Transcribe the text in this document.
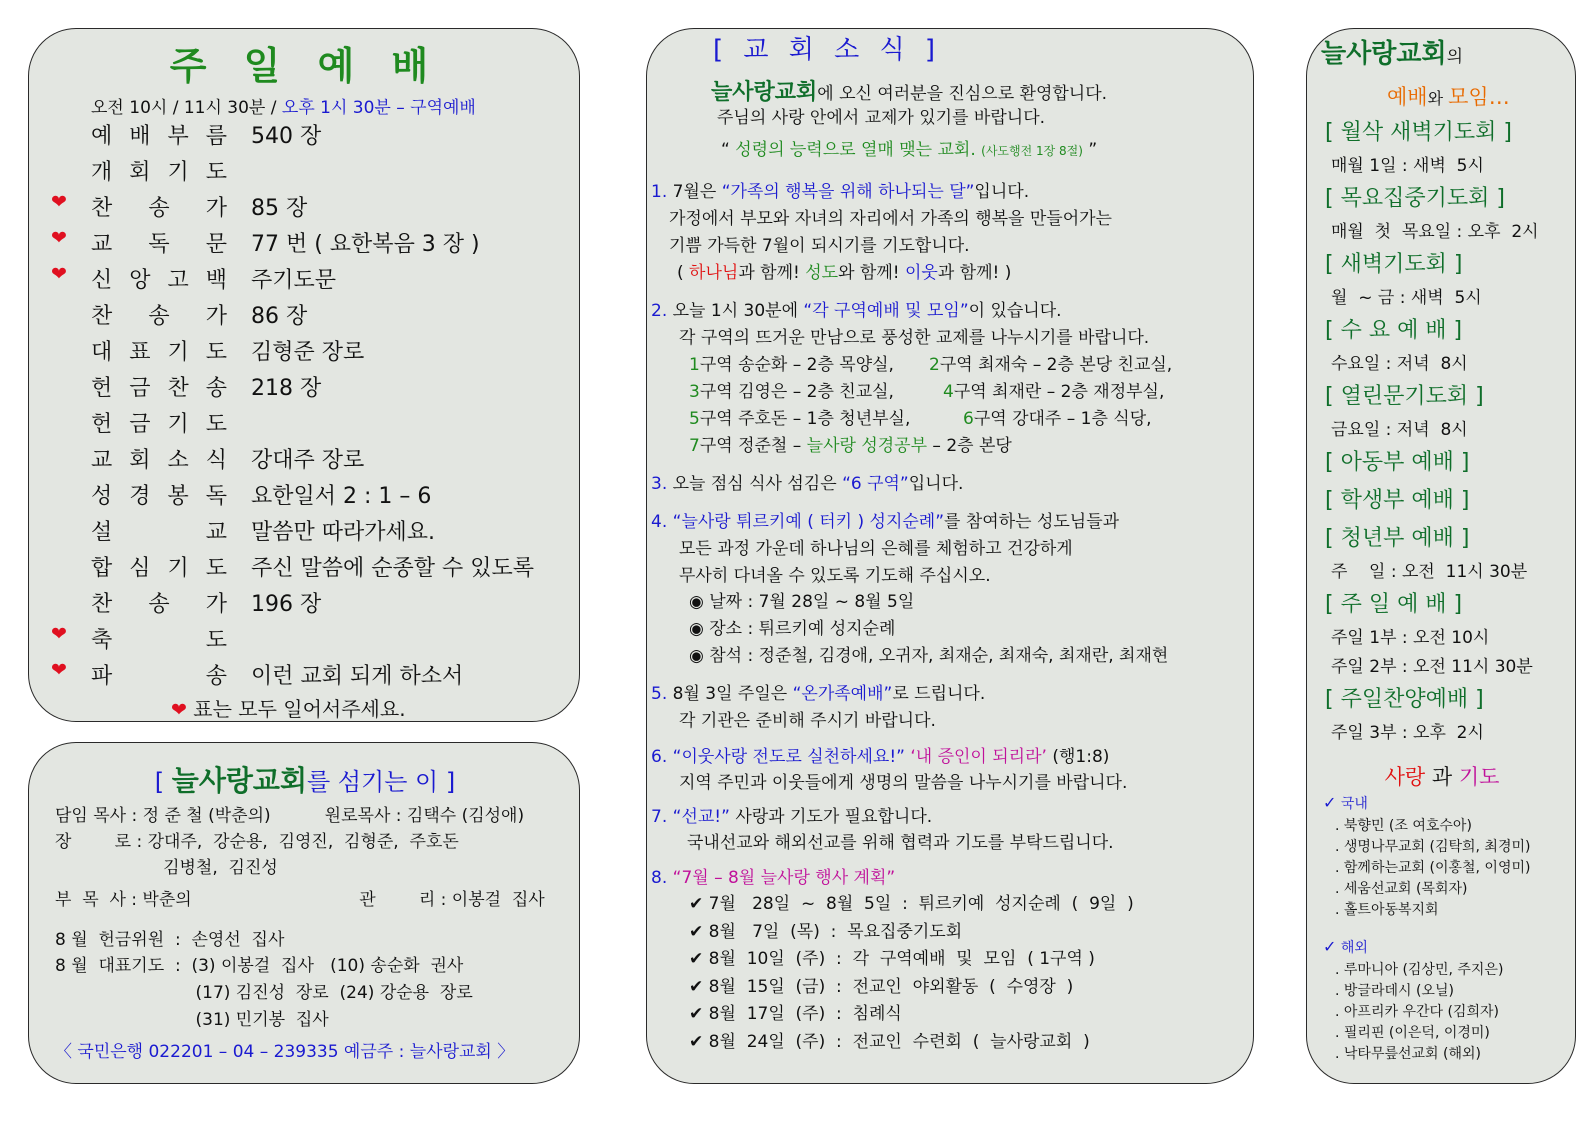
주 일 예 배
오전 10시 / 11시 30분 / 오후 1시 30분 – 구역예배
예 배 부 름 540 장
개 회 기 도
❤ 찬 송 가 85 장
❤ 교 독 문 77 번 ( 요한복음 3 장 )
❤ 신 앙 고 백 주기도문
찬 송 가 86 장
대 표 기 도 김형준 장로
헌 금 찬 송 218 장
헌 금 기 도
교 회 소 식 강대주 장로
성 경 봉 독 요한일서 2 : 1 – 6
설	교 말씀만 따라가세요.
합 심 기 도 주신 말씀에 순종할 수 있도록
찬 송 가 196 장
❤ 축	도
❤ 파	송 이런 교회 되게 하소서
❤ 표는 모두 일어서주세요.
[ 늘사랑교회를 섬기는 이 ]
담임 목사 : 정 준 철 (박춘의)          원로목사 : 김택수 (김성애)
장        로 : 강대주,  강순용,  김영진,  김형준,  주호돈
김병철,  김진성
부  목  사 : 박춘의                               관        리 : 이봉걸  집사
8 월  헌금위원  :  손영선  집사
8 월  대표기도  :  (3) 이봉걸  집사   (10) 송순화  권사
(17) 김진성  장로  (24) 강순용  장로
(31) 민기봉  집사
〈 국민은행 022201 – 04 – 239335 예금주 : 늘사랑교회 〉
[ 교 회 소 식 ]
늘사랑교회에 오신 여러분을 진심으로 환영합니다.
주님의 사랑 안에서 교제가 있기를 바랍니다.
“ 성령의 능력으로 열매 맺는 교회. (사도행전 1장 8절) ”
1. 7월은 “가족의 행복을 위해 하나되는 달”입니다.
가정에서 부모와 자녀의 자리에서 가족의 행복을 만들어가는
기쁨 가득한 7월이 되시기를 기도합니다.
( 하나님과 함께! 성도와 함께! 이웃과 함께! )
2. 오늘 1시 30분에 “각 구역예배 및 모임”이 있습니다.
각 구역의 뜨거운 만남으로 풍성한 교제를 나누시기를 바랍니다.
1구역 송순화 – 2층 목양실, 2구역 최재숙 – 2층 본당 친교실,
3구역 김영은 – 2층 친교실,	4구역 최재란 – 2층 재정부실,
5구역 주호돈 – 1층 청년부실,	6구역 강대주 – 1층 식당,
7구역 정준철 – 늘사랑 성경공부 – 2층 본당
3. 오늘 점심 식사 섬김은 “6 구역”입니다.
4. “늘사랑 튀르키예 ( 터키 ) 성지순례”를 참여하는 성도님들과
모든 과정 가운데 하나님의 은혜를 체험하고 건강하게
무사히 다녀올 수 있도록 기도해 주십시오.
◉ 날짜 : 7월 28일 ~ 8월 5일
◉ 장소 : 튀르키예 성지순례
◉ 참석 : 정준철, 김경애, 오귀자, 최재순, 최재숙, 최재란, 최재현
5. 8월 3일 주일은 “온가족예배”로 드립니다.
각 기관은 준비해 주시기 바랍니다.
6. “이웃사랑 전도로 실천하세요!” ‘내 증인이 되리라’ (행1:8)
지역 주민과 이웃들에게 생명의 말씀을 나누시기를 바랍니다.
7. “선교!” 사랑과 기도가 필요합니다.
국내선교와 해외선교를 위해 협력과 기도를 부탁드립니다.
8. “7월 – 8월 늘사랑 행사 계획”
✔ 7월   28일  ~  8월  5일  :  튀르키예  성지순례  (  9일  )
✔ 8월   7일  (목)  :  목요집중기도회
✔ 8월  10일  (주)  :  각  구역예배  및  모임  ( 1구역 )
✔ 8월  15일  (금)  :  전교인  야외활동  (  수영장  )
✔ 8월  17일  (주)  :  침례식
✔ 8월  24일  (주)  :  전교인  수련회  (  늘사랑교회  )
늘사랑교회의
예배와 모임…
[ 월삭 새벽기도회 ]
매월 1일 : 새벽  5시
[ 목요집중기도회 ]
매월  첫  목요일 : 오후  2시
[ 새벽기도회 ]
월  ~ 금 : 새벽  5시
[ 수 요 예 배 ]
수요일 : 저녁  8시
[ 열린문기도회 ]
금요일 : 저녁  8시
[ 아동부 예배 ]
[ 학생부 예배 ]
[ 청년부 예배 ]
주    일 : 오전  11시 30분
[ 주 일 예 배 ]
주일 1부 : 오전 10시
주일 2부 : 오전 11시 30분
[ 주일찬양예배 ]
주일 3부 : 오후  2시
사랑 과 기도
✓ 국내
. 북향민 (조 여호수아)
. 생명나무교회 (김탁희, 최경미)
. 함께하는교회 (이홍철, 이영미)
. 세움선교회 (목회자)
. 홀트아동복지회
✓ 해외
. 루마니아 (김상민, 주지은)
. 방글라데시 (오닐)
. 아프리카 우간다 (김희자)
. 필리핀 (이은덕, 이경미)
. 낙타무릎선교회 (해외)
